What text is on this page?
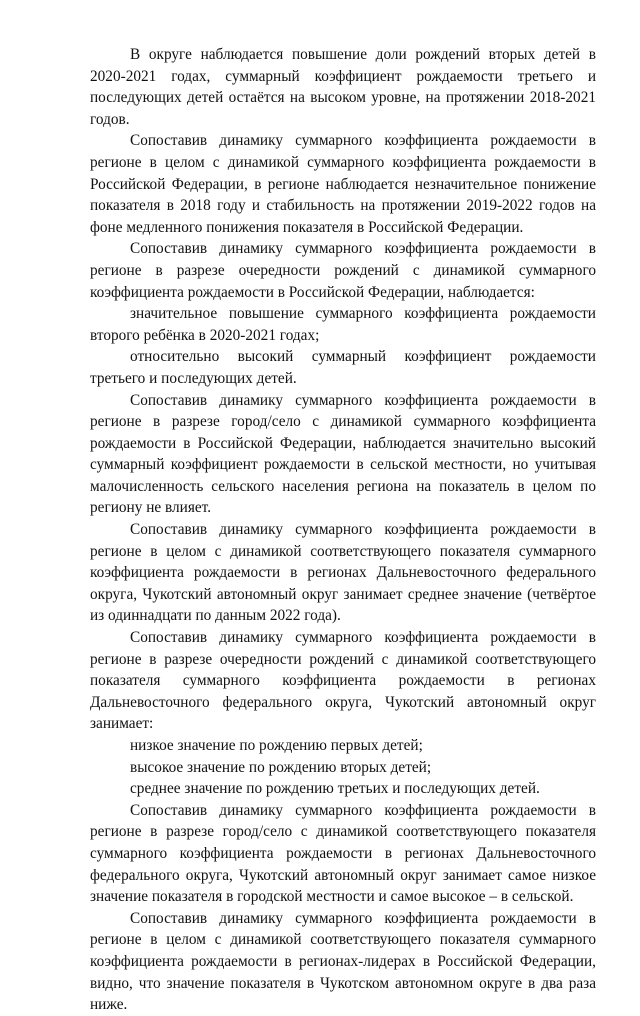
В округе наблюдается повышение доли рождений вторых детей в 2020-2021 годах, суммарный коэффициент рождаемости третьего и последующих детей остаётся на высоком уровне, на протяжении 2018-2021 годов.

Сопоставив динамику суммарного коэффициента рождаемости в регионе в целом с динамикой суммарного коэффициента рождаемости в Российской Федерации, в регионе наблюдается незначительное понижение показателя в 2018 году и стабильность на протяжении 2019-2022 годов на фоне медленного понижения показателя в Российской Федерации.

Сопоставив динамику суммарного коэффициента рождаемости в регионе в разрезе очередности рождений с динамикой суммарного коэффициента рождаемости в Российской Федерации, наблюдается:

значительное повышение суммарного коэффициента рождаемости второго ребёнка в 2020-2021 годах;

относительно высокий суммарный коэффициент рождаемости третьего и последующих детей.

Сопоставив динамику суммарного коэффициента рождаемости в регионе в разрезе город/село с динамикой суммарного коэффициента рождаемости в Российской Федерации, наблюдается значительно высокий суммарный коэффициент рождаемости в сельской местности, но учитывая малочисленность сельского населения региона на показатель в целом по региону не влияет.

Сопоставив динамику суммарного коэффициента рождаемости в регионе в целом с динамикой соответствующего показателя суммарного коэффициента рождаемости в регионах Дальневосточного федерального округа, Чукотский автономный округ занимает среднее значение (четвёртое из одиннадцати по данным 2022 года).

Сопоставив динамику суммарного коэффициента рождаемости в регионе в разрезе очередности рождений с динамикой соответствующего показателя суммарного коэффициента рождаемости в регионах Дальневосточного федерального округа, Чукотский автономный округ занимает:

низкое значение по рождению первых детей;

высокое значение по рождению вторых детей;

среднее значение по рождению третьих и последующих детей.

Сопоставив динамику суммарного коэффициента рождаемости в регионе в разрезе город/село с динамикой соответствующего показателя суммарного коэффициента рождаемости в регионах Дальневосточного федерального округа, Чукотский автономный округ занимает самое низкое значение показателя в городской местности и самое высокое – в сельской.

Сопоставив динамику суммарного коэффициента рождаемости в регионе в целом с динамикой соответствующего показателя суммарного коэффициента рождаемости в регионах-лидерах в Российской Федерации, видно, что значение показателя в Чукотском автономном округе в два раза ниже.
